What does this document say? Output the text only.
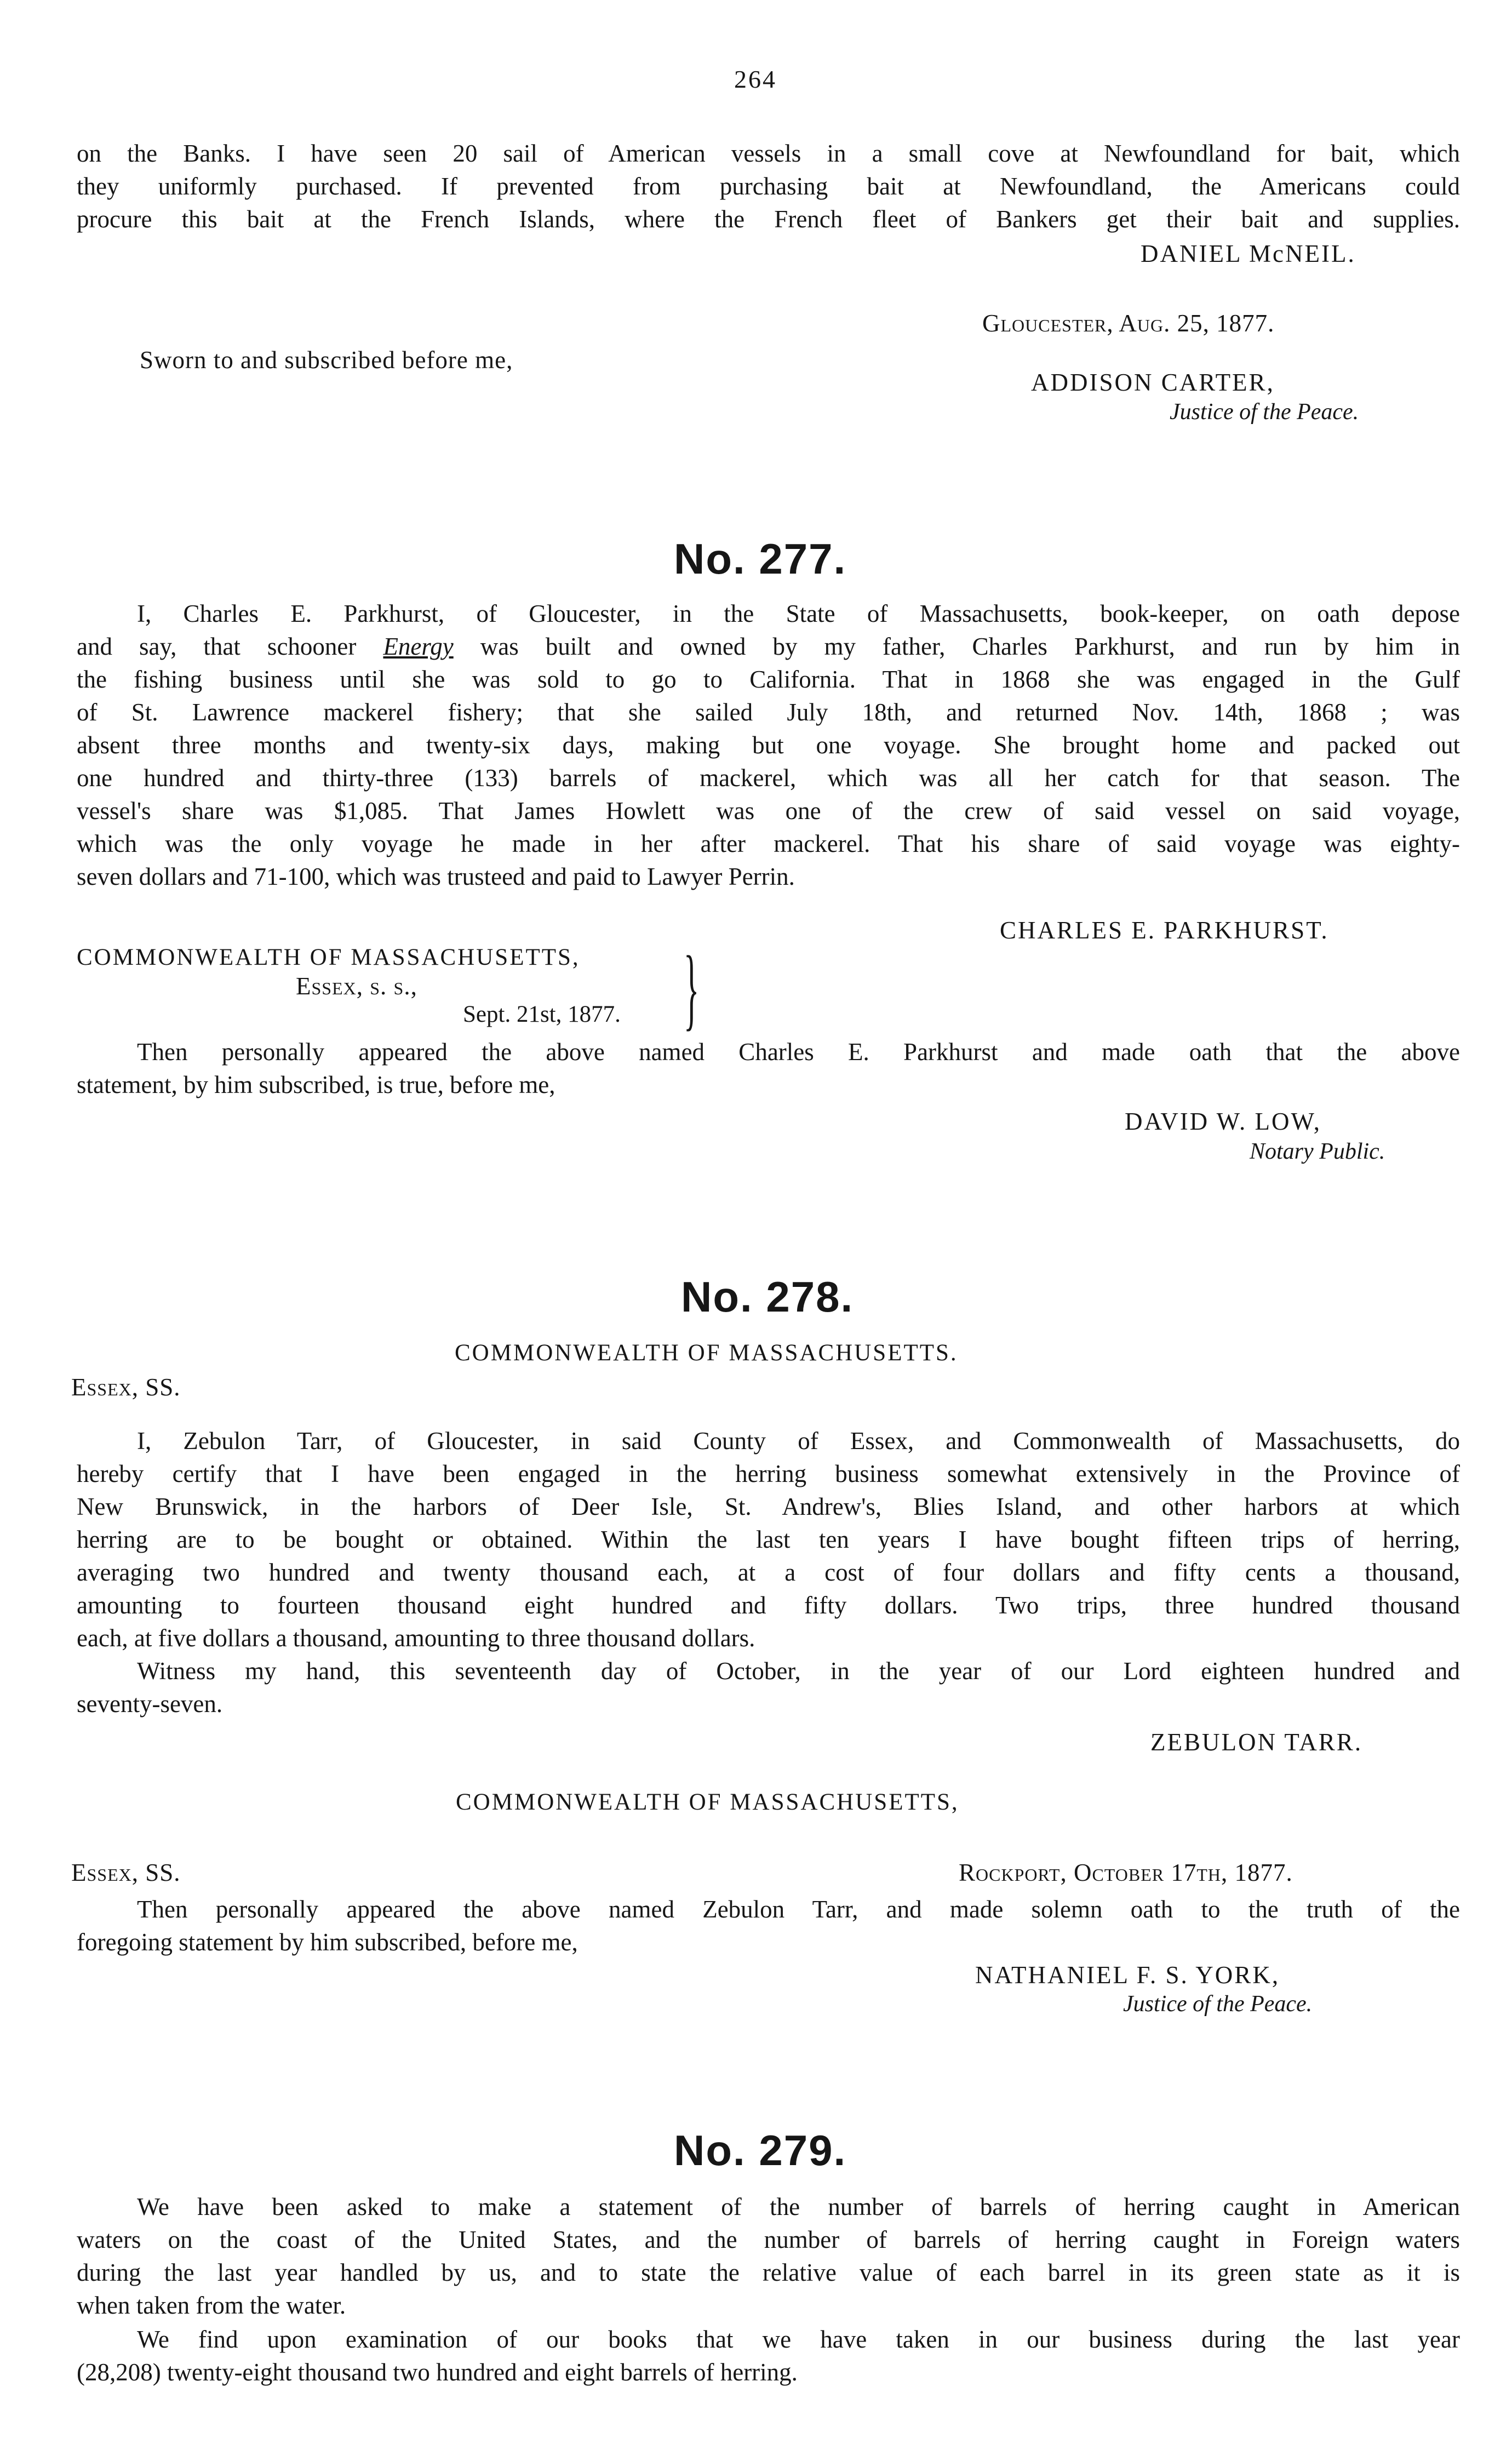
264
on the Banks. I have seen 20 sail of American vessels in a small cove at Newfoundland for bait, which
they uniformly purchased. If prevented from purchasing bait at Newfoundland, the Americans could
procure this bait at the French Islands, where the French fleet of Bankers get their bait and supplies.
DANIEL McNEIL.
Gloucester, Aug. 25, 1877.
Sworn to and subscribed before me,
ADDISON CARTER,
Justice of the Peace.
No. 277.
I, Charles E. Parkhurst, of Gloucester, in the State of Massachusetts, book-keeper, on oath depose
and say, that schooner Energy was built and owned by my father, Charles Parkhurst, and run by him in
the fishing business until she was sold to go to California. That in 1868 she was engaged in the Gulf
of St. Lawrence mackerel fishery; that she sailed July 18th, and returned Nov. 14th, 1868 ; was
absent three months and twenty-six days, making but one voyage. She brought home and packed out
one hundred and thirty-three (133) barrels of mackerel, which was all her catch for that season. The
vessel's share was $1,085. That James Howlett was one of the crew of said vessel on said voyage,
which was the only voyage he made in her after mackerel. That his share of said voyage was eighty-
seven dollars and 71-100, which was trusteed and paid to Lawyer Perrin.
CHARLES E. PARKHURST.
COMMONWEALTH OF MASSACHUSETTS,
Essex, s. s.,
Sept. 21st, 1877. }
Then personally appeared the above named Charles E. Parkhurst and made oath that the above
statement, by him subscribed, is true, before me,
DAVID W. LOW,
Notary Public.
No. 278.
COMMONWEALTH OF MASSACHUSETTS.
Essex, SS.
I, Zebulon Tarr, of Gloucester, in said County of Essex, and Commonwealth of Massachusetts, do
hereby certify that I have been engaged in the herring business somewhat extensively in the Province of
New Brunswick, in the harbors of Deer Isle, St. Andrew's, Blies Island, and other harbors at which
herring are to be bought or obtained. Within the last ten years I have bought fifteen trips of herring,
averaging two hundred and twenty thousand each, at a cost of four dollars and fifty cents a thousand,
amounting to fourteen thousand eight hundred and fifty dollars. Two trips, three hundred thousand
each, at five dollars a thousand, amounting to three thousand dollars.
Witness my hand, this seventeenth day of October, in the year of our Lord eighteen hundred and
seventy-seven.
ZEBULON TARR.
COMMONWEALTH OF MASSACHUSETTS,
Essex, SS.	Rockport, October 17th, 1877.
Then personally appeared the above named Zebulon Tarr, and made solemn oath to the truth of the
foregoing statement by him subscribed, before me,
NATHANIEL F. S. YORK,
Justice of the Peace.
No. 279.
We have been asked to make a statement of the number of barrels of herring caught in American
waters on the coast of the United States, and the number of barrels of herring caught in Foreign waters
during the last year handled by us, and to state the relative value of each barrel in its green state as it is
when taken from the water.
We find upon examination of our books that we have taken in our business during the last year
(28,208) twenty-eight thousand two hundred and eight barrels of herring.
